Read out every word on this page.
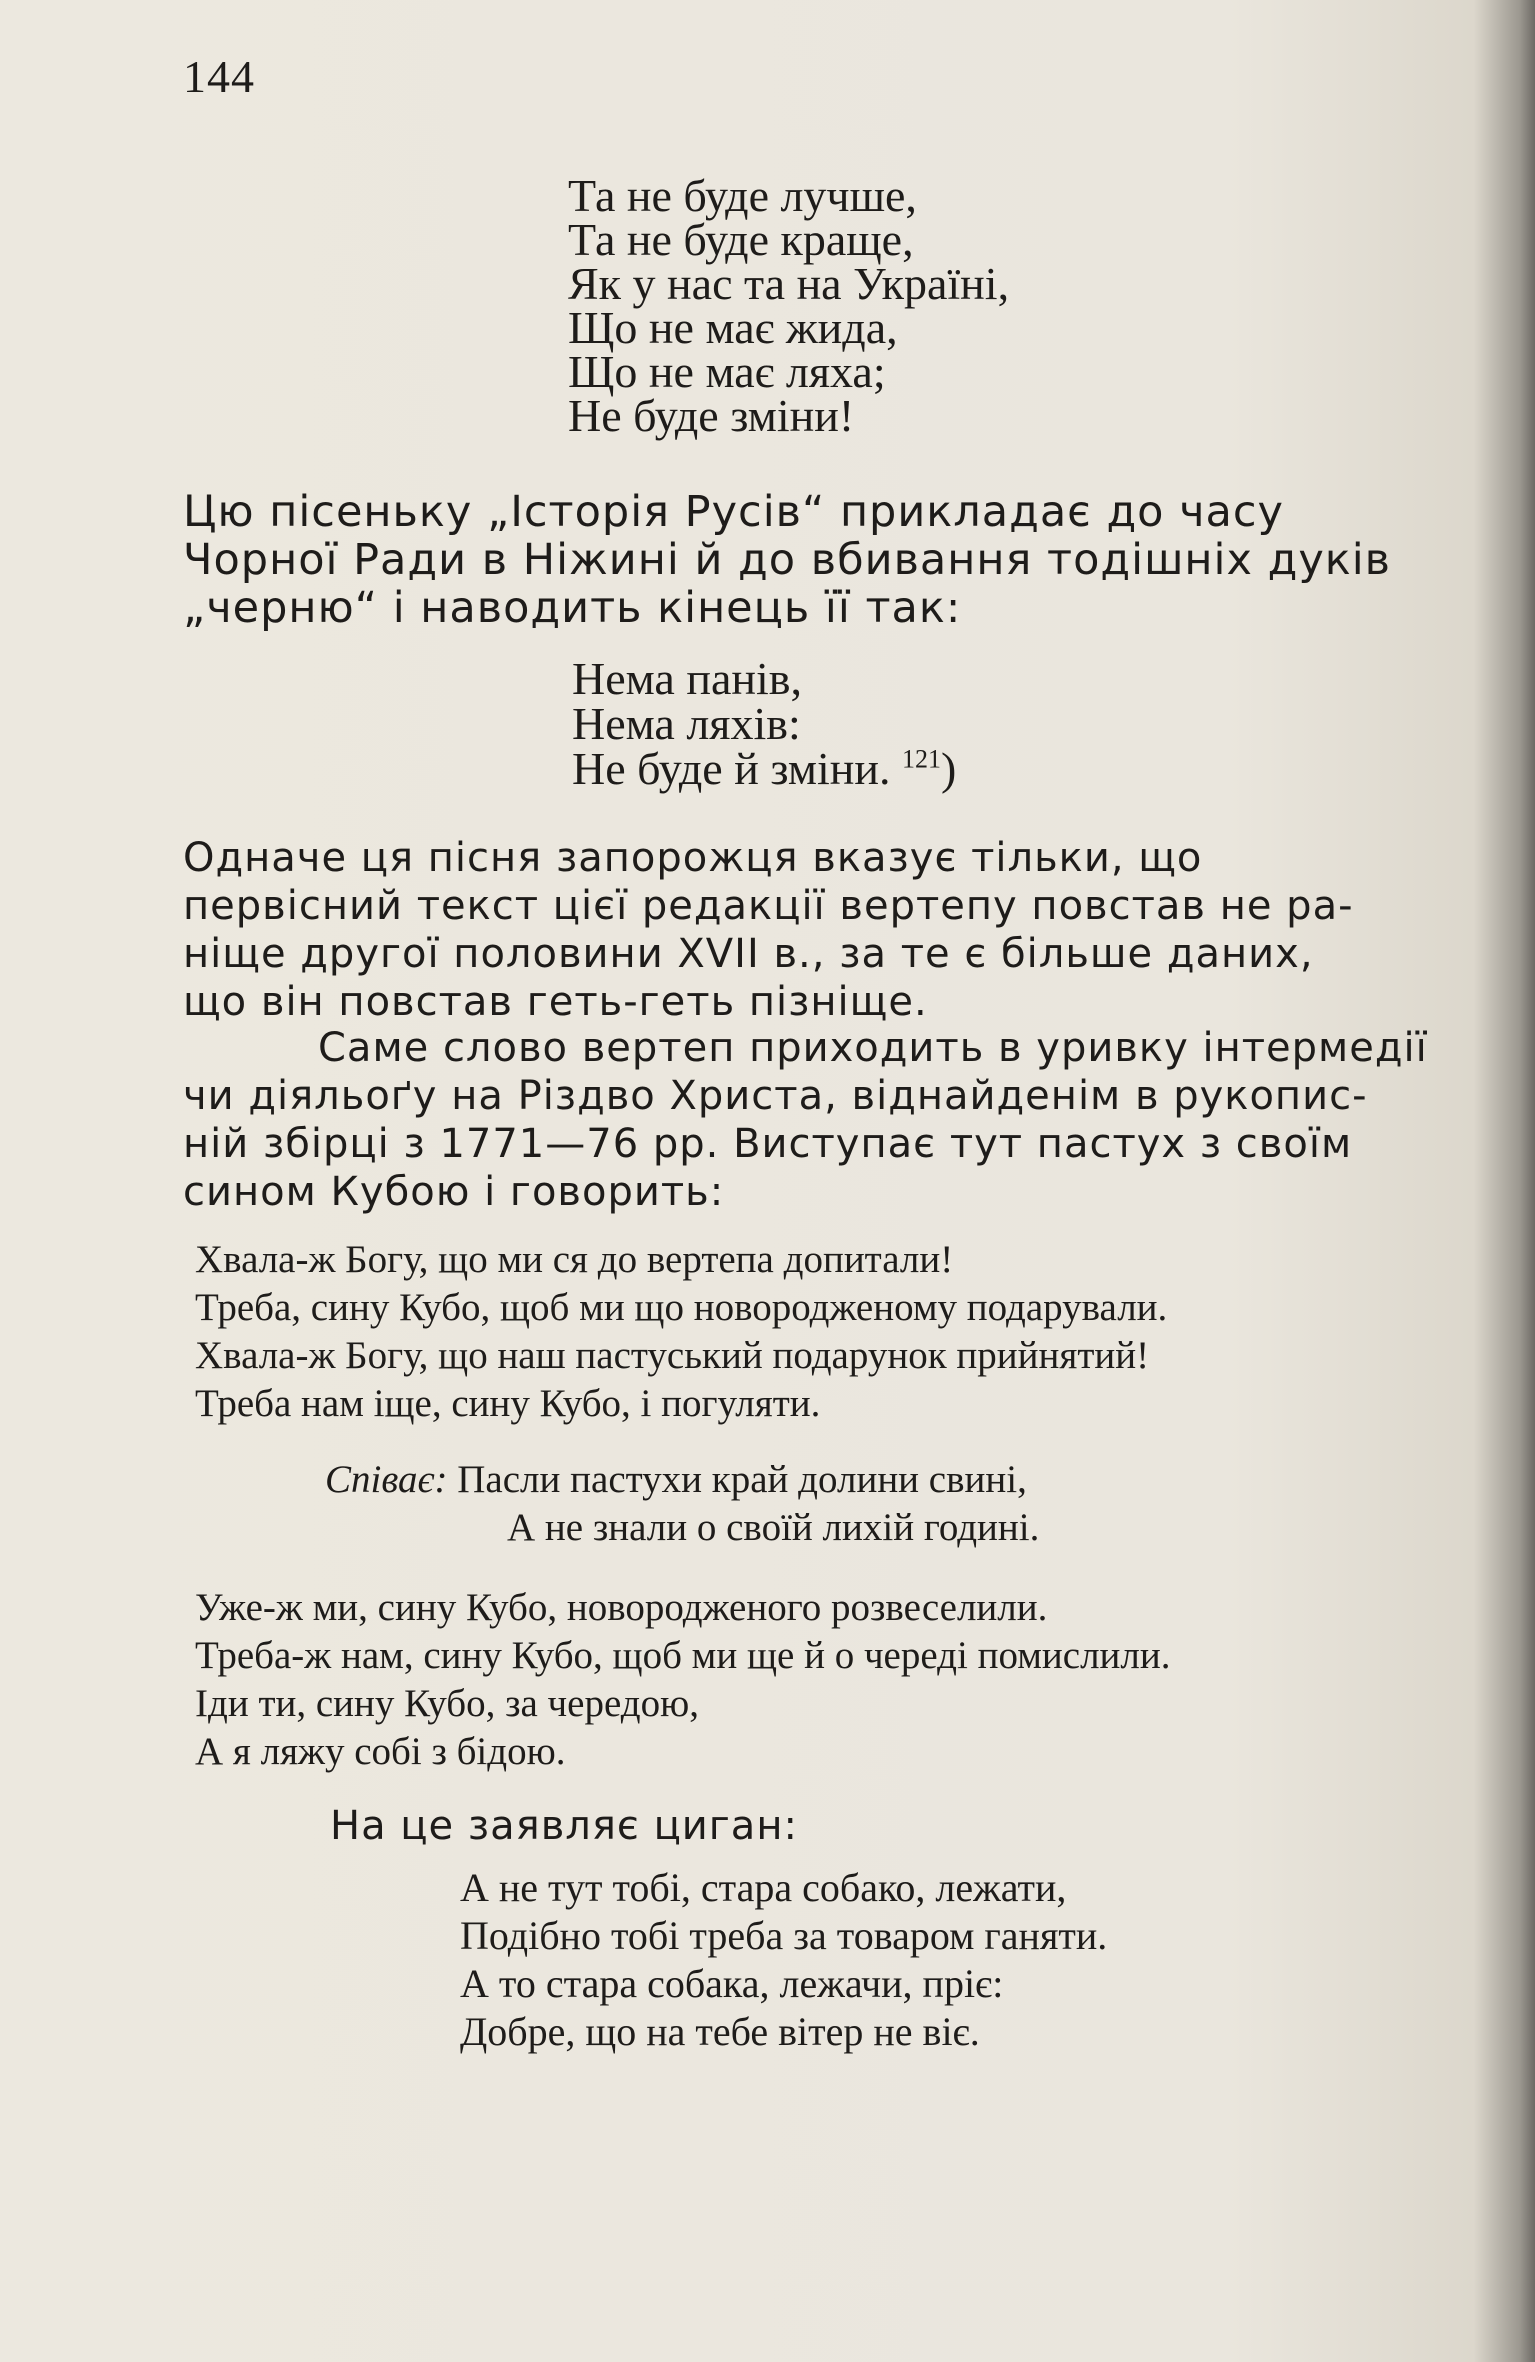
144
Та не буде лучше,
Та не буде краще,
Як у нас та на Україні,
Що не має жида,
Що не має ляха;
Не буде зміни!
Цю пісеньку „Історія Русів“ прикладає до часу
Чорної Ради в Ніжині й до вбивання тодішніх дуків
„черню“ і наводить кінець її так:
Нема панів,
Нема ляхів:
Не буде й зміни. $^{121}$)
Одначе ця пісня запорожця вказує тільки, що
первісний текст цієї редакції вертепу повстав не ра-
ніще другої половини XVII в., за те є більше даних,
що він повстав геть-геть пізніще.
Саме слово вертеп приходить в уривку інтермедії
чи діяльоґу на Різдво Христа, віднайденім в рукопис-
ній збірці з 1771—76 рр. Виступає тут пастух з своїм
сином Кубою і говорить:
Хвала-ж Богу, що ми ся до вертепа допитали!
Треба, сину Кубо, щоб ми що новородженому подарували.
Хвала-ж Богу, що наш пастуський подарунок прийнятий!
Треба нам іще, сину Кубо, і погуляти.
Співає: Пасли пастухи край долини свині,
А не знали о своїй лихій годині.
Уже-ж ми, сину Кубо, новородженого розвеселили.
Треба-ж нам, сину Кубо, щоб ми ще й о череді помислили.
Іди ти, сину Кубо, за чередою,
А я ляжу собі з бідою.
На це заявляє циган:
А не тут тобі, стара собако, лежати,
Подібно тобі треба за товаром ганяти.
А то стара собака, лежачи, пріє:
Добре, що на тебе вітер не віє.
